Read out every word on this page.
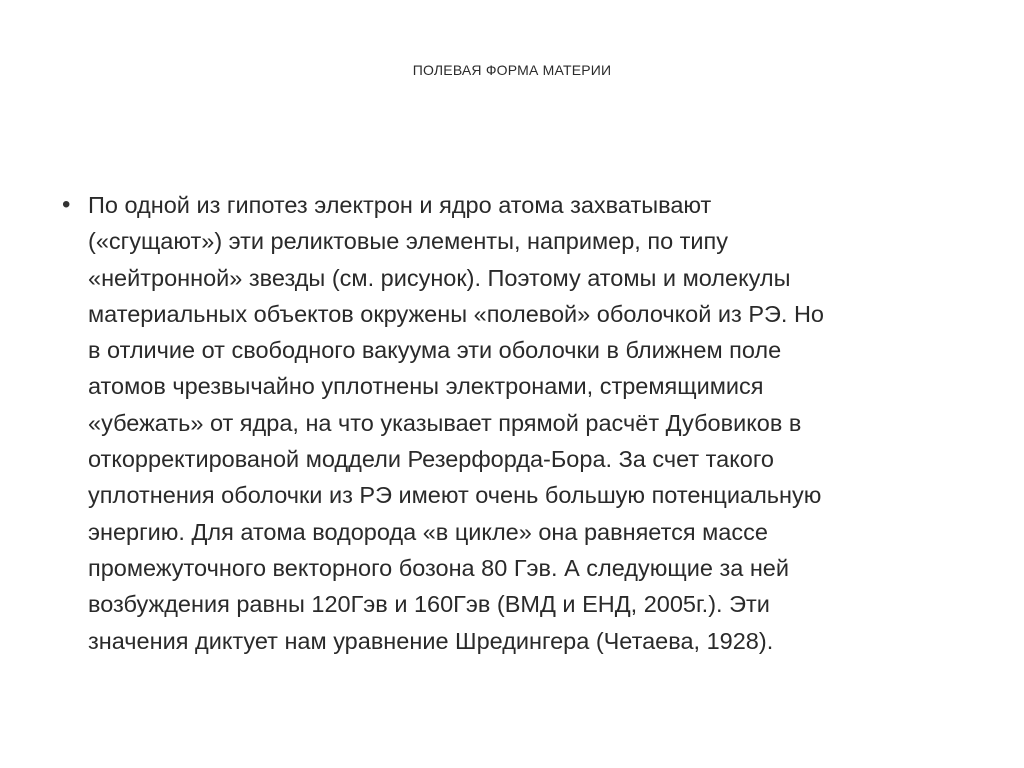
ПОЛЕВАЯ ФОРМА МАТЕРИИ
• По одной из гипотез электрон и ядро атома захватывают
(«сгущают») эти реликтовые элементы, например, по типу
«нейтронной» звезды (см. рисунок). Поэтому атомы и молекулы
материальных объектов окружены «полевой» оболочкой из РЭ. Но
в отличие от свободного вакуума эти оболочки в ближнем поле
атомов чрезвычайно уплотнены электронами, стремящимися
«убежать» от ядра, на что указывает прямой расчёт Дубовиков в
откорректированой моддели Резерфорда-Бора. За счет такого
уплотнения оболочки из РЭ имеют очень большую потенциальную
энергию. Для атома водорода «в цикле» она равняется массе
промежуточного векторного бозона 80 Гэв. А следующие за ней
возбуждения равны 120Гэв и 160Гэв (ВМД и ЕНД, 2005г.). Эти
значения диктует нам уравнение Шредингера (Четаева, 1928).
